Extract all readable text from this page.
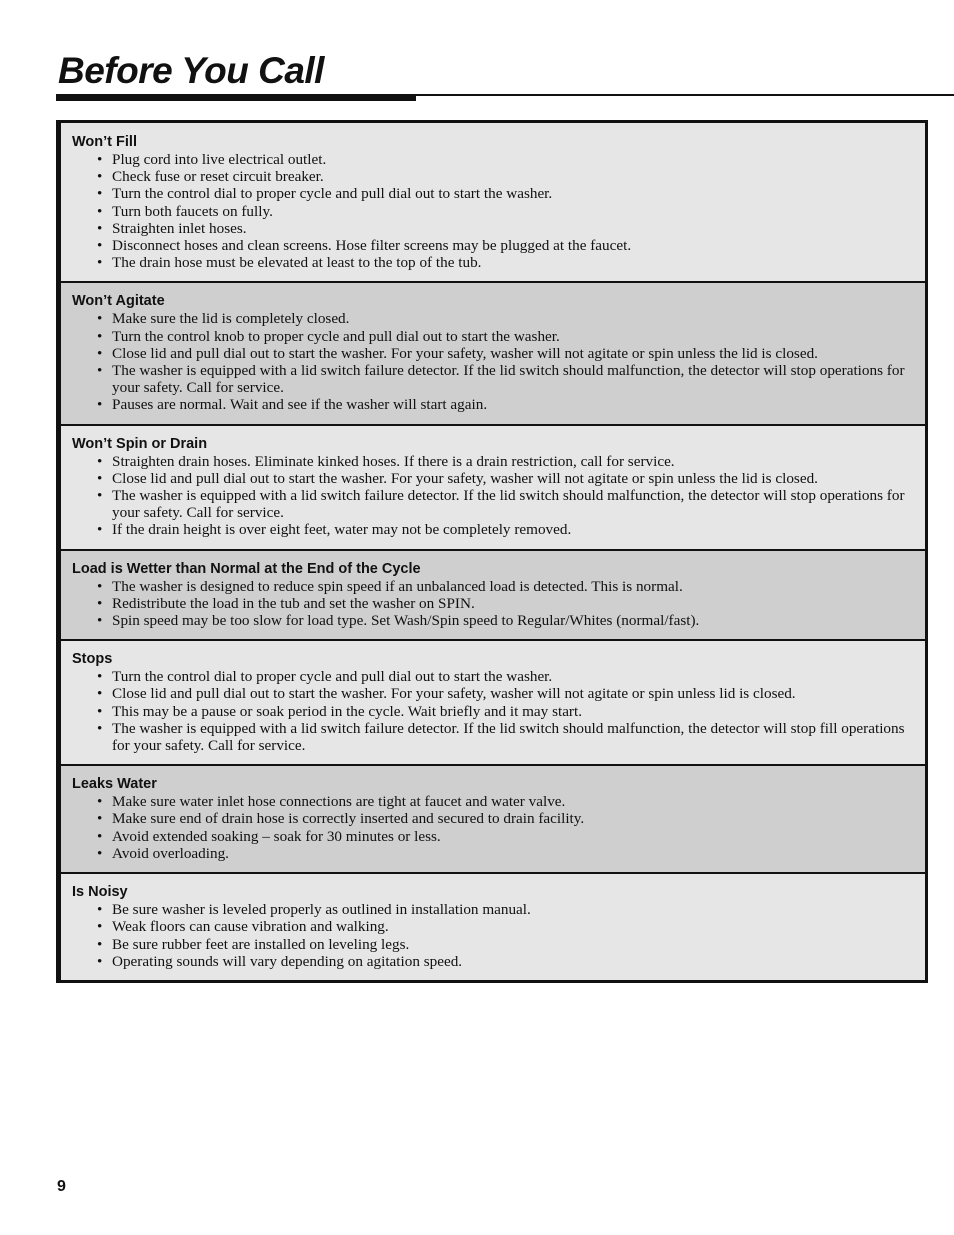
Before You Call

Won’t Fill

• Plug cord into live electrical outlet.
• Check fuse or reset circuit breaker.
• Turn the control dial to proper cycle and pull dial out to start the washer.
• Turn both faucets on fully.
• Straighten inlet hoses.
• Disconnect hoses and clean screens. Hose filter screens may be plugged at the faucet.
• The drain hose must be elevated at least to the top of the tub.

Won’t Agitate

• Make sure the lid is completely closed.
• Turn the control knob to proper cycle and pull dial out to start the washer.
• Close lid and pull dial out to start the washer. For your safety, washer will not agitate or spin unless the lid is closed.
• The washer is equipped with a lid switch failure detector. If the lid switch should malfunction, the detector will stop operations for your safety. Call for service.
• Pauses are normal. Wait and see if the washer will start again.

Won’t Spin or Drain

• Straighten drain hoses. Eliminate kinked hoses. If there is a drain restriction, call for service.
• Close lid and pull dial out to start the washer. For your safety, washer will not agitate or spin unless the lid is closed.
• The washer is equipped with a lid switch failure detector. If the lid switch should malfunction, the detector will stop operations for your safety. Call for service.
• If the drain height is over eight feet, water may not be completely removed.

Load is Wetter than Normal at the End of the Cycle

• The washer is designed to reduce spin speed if an unbalanced load is detected. This is normal.
• Redistribute the load in the tub and set the washer on SPIN.
• Spin speed may be too slow for load type. Set Wash/Spin speed to Regular/Whites (normal/fast).

Stops

• Turn the control dial to proper cycle and pull dial out to start the washer.
• Close lid and pull dial out to start the washer. For your safety, washer will not agitate or spin unless lid is closed.
• This may be a pause or soak period in the cycle. Wait briefly and it may start.
• The washer is equipped with a lid switch failure detector. If the lid switch should malfunction, the detector will stop fill operations for your safety. Call for service.

Leaks Water

• Make sure water inlet hose connections are tight at faucet and water valve.
• Make sure end of drain hose is correctly inserted and secured to drain facility.
• Avoid extended soaking – soak for 30 minutes or less.
• Avoid overloading.

Is Noisy

• Be sure washer is leveled properly as outlined in installation manual.
• Weak floors can cause vibration and walking.
• Be sure rubber feet are installed on leveling legs.
• Operating sounds will vary depending on agitation speed.
9
